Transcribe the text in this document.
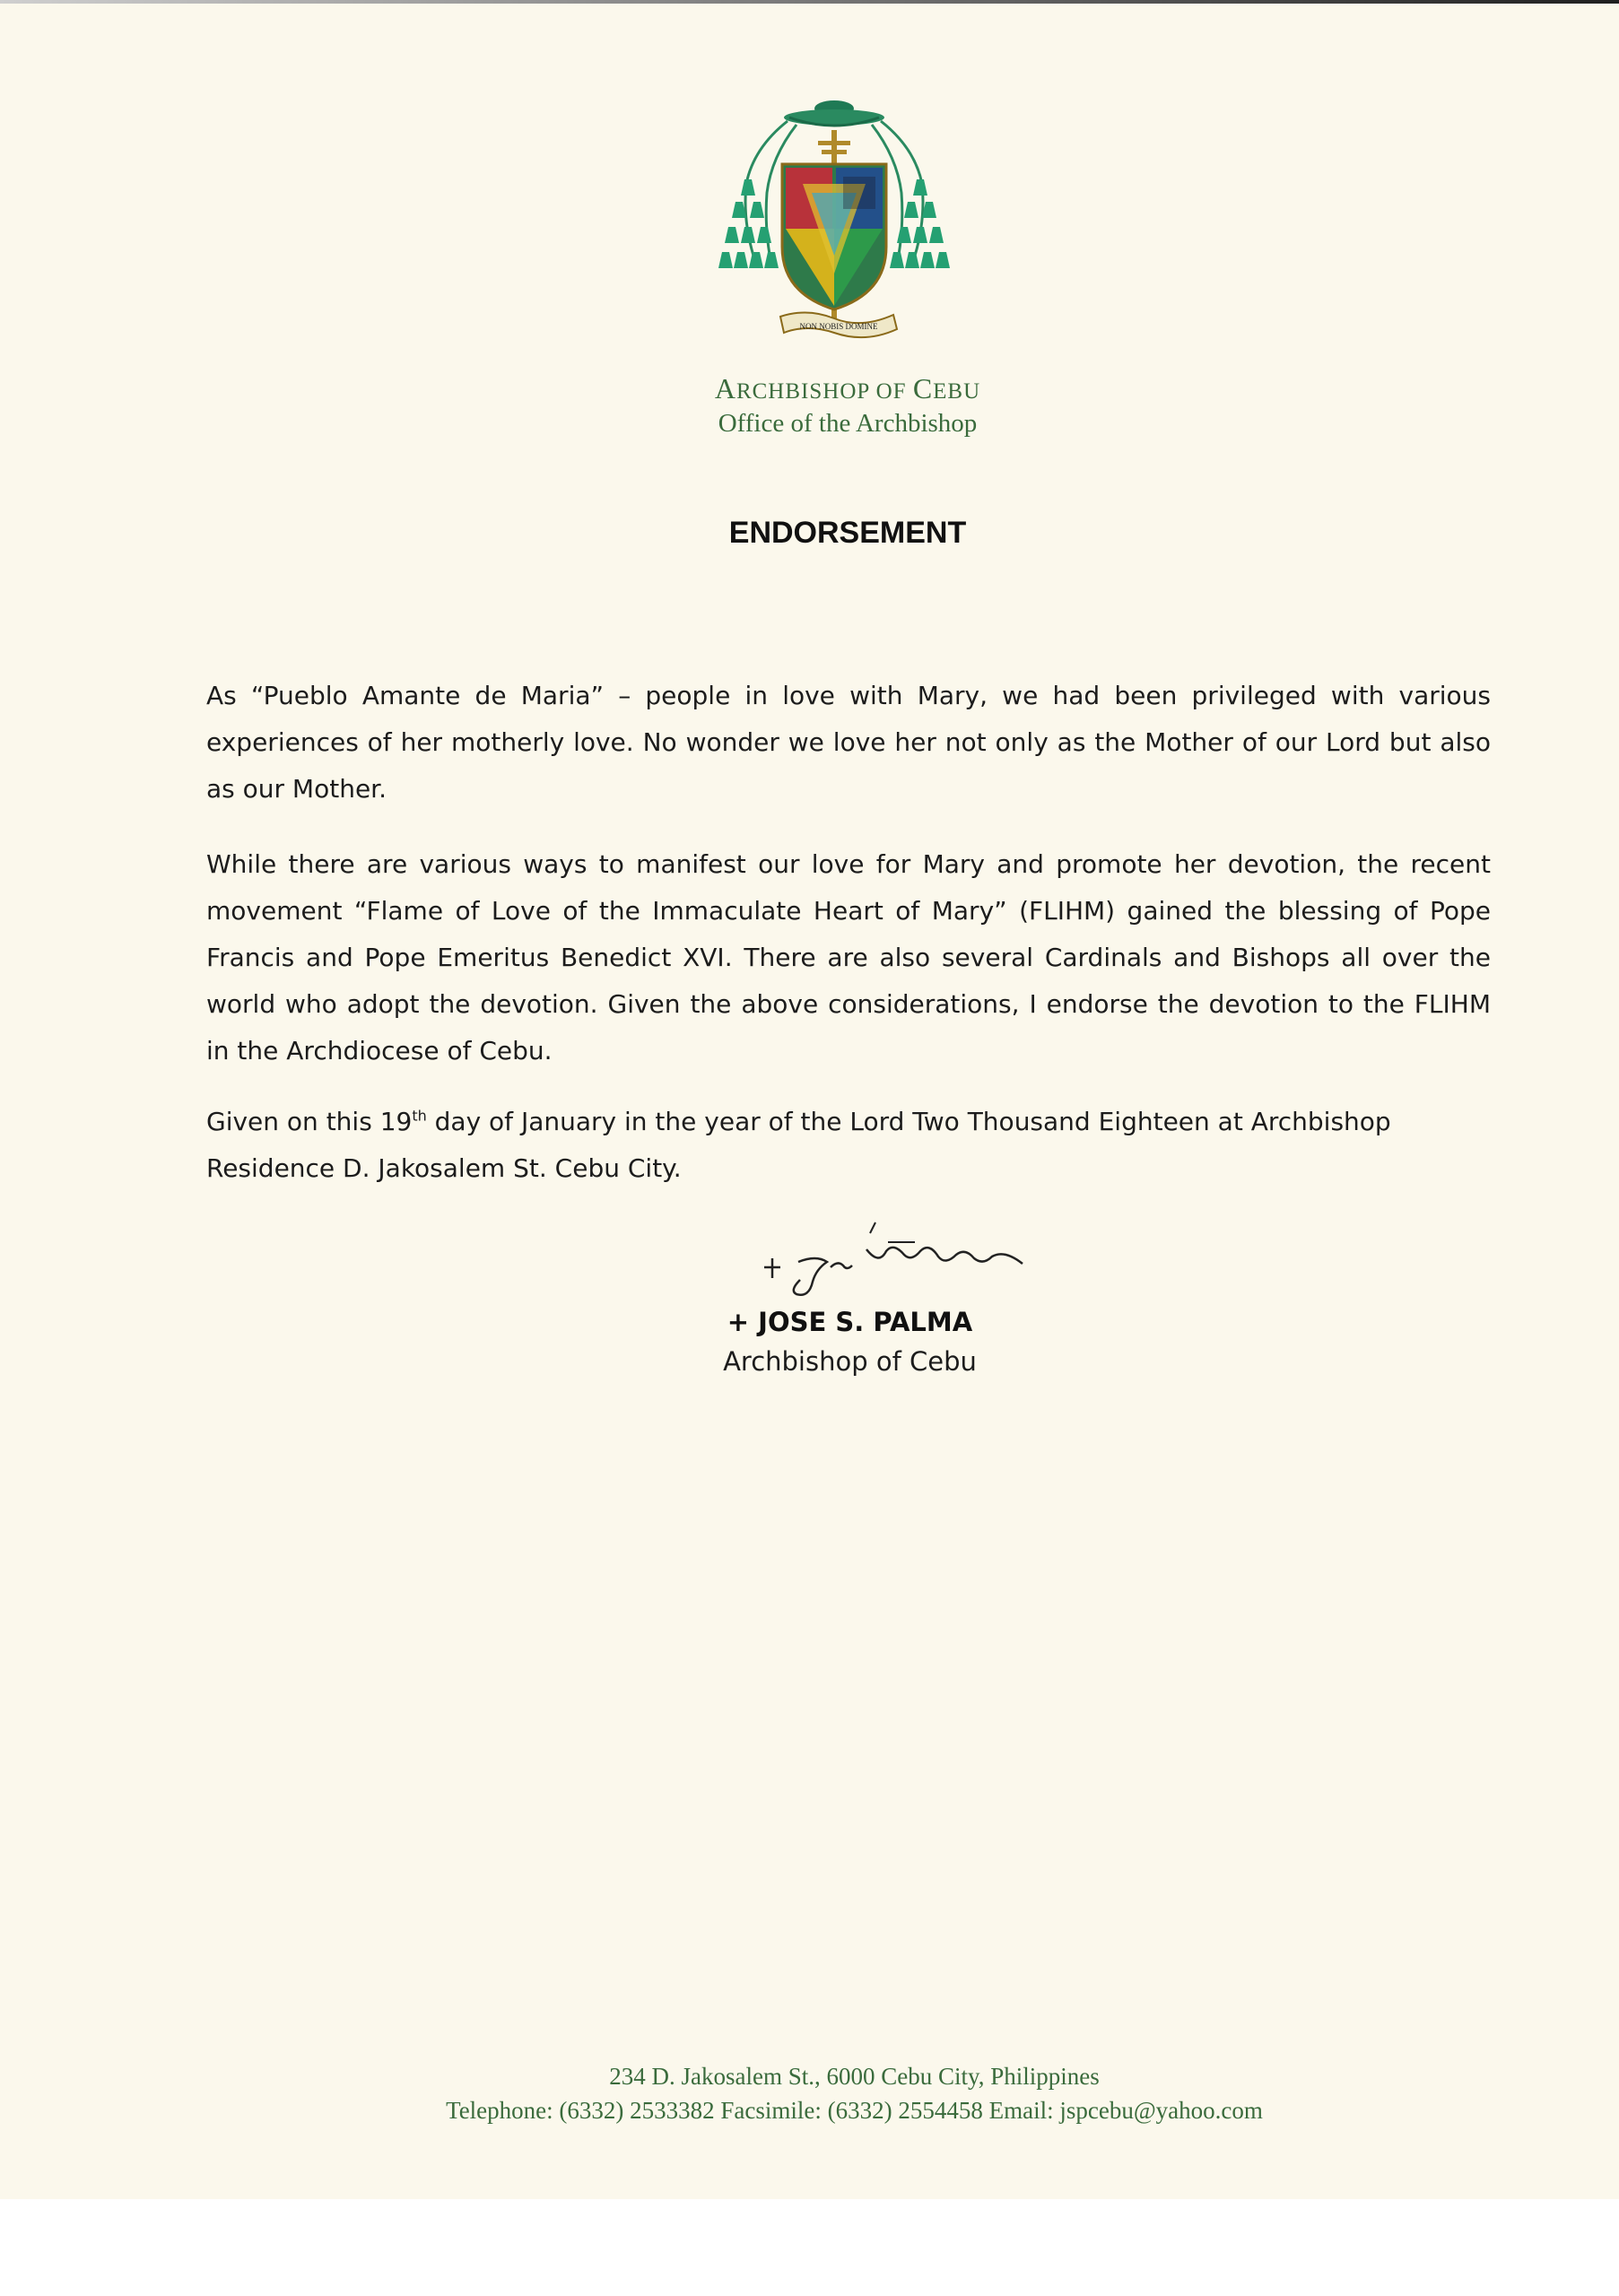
NON NOBIS DOMINE

ARCHBISHOP OF CEBU

Office of the Archbishop

ENDORSEMENT

As “Pueblo Amante de Maria” – people in love with Mary, we had been privileged with various experiences of her motherly love. No wonder we love her not only as the Mother of our Lord but also as our Mother.

While there are various ways to manifest our love for Mary and promote her devotion, the recent movement “Flame of Love of the Immaculate Heart of Mary” (FLIHM) gained the blessing of Pope Francis and Pope Emeritus Benedict XVI. There are also several Cardinals and Bishops all over the world who adopt the devotion. Given the above considerations, I endorse the devotion to the FLIHM in the Archdiocese of Cebu.

Given on this 19th day of January in the year of the Lord Two Thousand Eighteen at Archbishop
Residence D. Jakosalem St. Cebu City.

+ JOSE S. PALMA

Archbishop of Cebu

234 D. Jakosalem St., 6000 Cebu City, Philippines

Telephone: (6332) 2533382 Facsimile: (6332) 2554458 Email: jspcebu@yahoo.com
